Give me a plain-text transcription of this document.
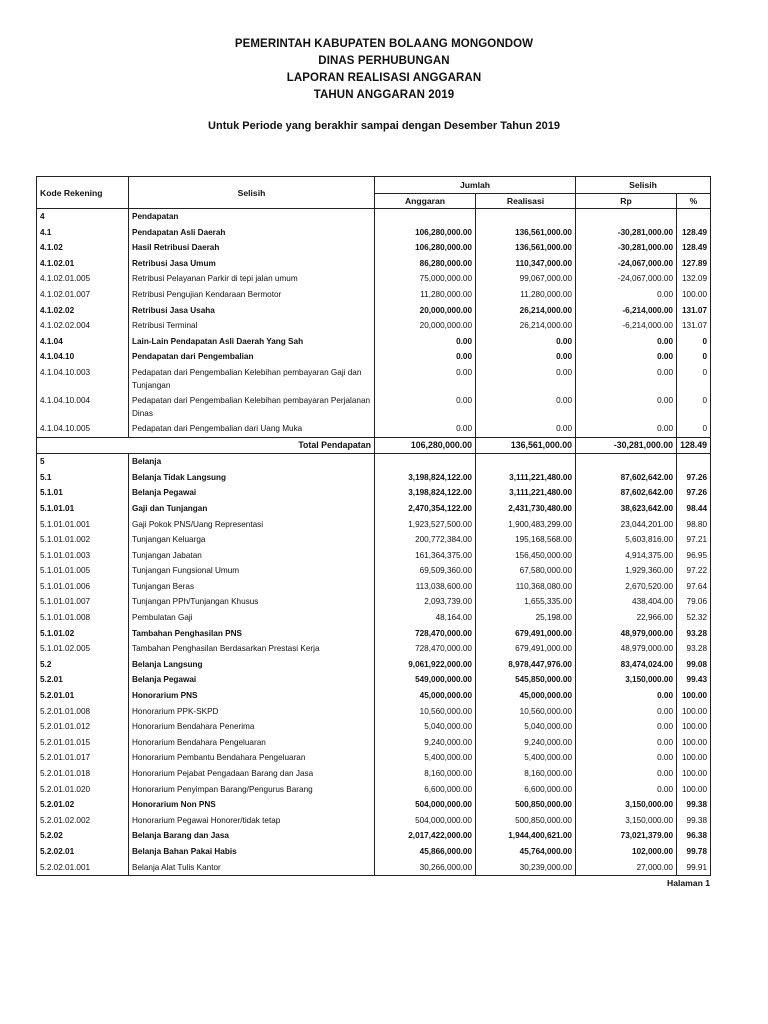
PEMERINTAH KABUPATEN BOLAANG MONGONDOW
DINAS PERHUBUNGAN
LAPORAN REALISASI ANGGARAN
TAHUN ANGGARAN 2019
Untuk Periode yang berakhir sampai dengan Desember Tahun 2019
Kode Rekening	Selisih	Jumlah		Selisih	
		Anggaran	Realisasi	Rp	%
4	Pendapatan				
4.1	Pendapatan Asli Daerah	106,280,000.00	136,561,000.00	-30,281,000.00	128.49
4.1.02	Hasil Retribusi Daerah	106,280,000.00	136,561,000.00	-30,281,000.00	128.49
4.1.02.01	Retribusi Jasa Umum	86,280,000.00	110,347,000.00	-24,067,000.00	127.89
4.1.02.01.005	Retribusi Pelayanan Parkir di tepi jalan umum	75,000,000.00	99,067,000.00	-24,067,000.00	132.09
4.1.02.01.007	Retribusi Pengujian Kendaraan Bermotor	11,280,000.00	11,280,000.00	0.00	100.00
4.1.02.02	Retribusi Jasa Usaha	20,000,000.00	26,214,000.00	-6,214,000.00	131.07
4.1.02.02.004	Retribusi Terminal	20,000,000.00	26,214,000.00	-6,214,000.00	131.07
4.1.04	Lain-Lain Pendapatan Asli Daerah Yang Sah	0.00	0.00	0.00	0
4.1.04.10	Pendapatan dari Pengembalian	0.00	0.00	0.00	0
4.1.04.10.003	Pedapatan dari Pengembalian Kelebihan pembayaran Gaji dan Tunjangan	0.00	0.00	0.00	0
4.1.04.10.004	Pedapatan dari Pengembalian Kelebihan pembayaran Perjalanan Dinas	0.00	0.00	0.00	0
4.1.04.10.005	Pedapatan dari Pengembalian dari Uang Muka	0.00	0.00	0.00	0
Total Pendapatan		106,280,000.00	136,561,000.00	-30,281,000.00	128.49
5	Belanja				
5.1	Belanja Tidak Langsung	3,198,824,122.00	3,111,221,480.00	87,602,642.00	97.26
5.1.01	Belanja Pegawai	3,198,824,122.00	3,111,221,480.00	87,602,642.00	97.26
5.1.01.01	Gaji dan Tunjangan	2,470,354,122.00	2,431,730,480.00	38,623,642.00	98.44
5.1.01.01.001	Gaji Pokok PNS/Uang Representasi	1,923,527,500.00	1,900,483,299.00	23,044,201.00	98.80
5.1.01.01.002	Tunjangan Keluarga	200,772,384.00	195,168,568.00	5,603,816.00	97.21
5.1.01.01.003	Tunjangan Jabatan	161,364,375.00	156,450,000.00	4,914,375.00	96.95
5.1.01.01.005	Tunjangan Fungsional Umum	69,509,360.00	67,580,000.00	1,929,360.00	97.22
5.1.01.01.006	Tunjangan Beras	113,038,600.00	110,368,080.00	2,670,520.00	97.64
5.1.01.01.007	Tunjangan PPh/Tunjangan Khusus	2,093,739.00	1,655,335.00	438,404.00	79.06
5.1.01.01.008	Pembulatan Gaji	48,164.00	25,198.00	22,966.00	52.32
5.1.01.02	Tambahan Penghasilan PNS	728,470,000.00	679,491,000.00	48,979,000.00	93.28
5.1.01.02.005	Tambahan Penghasilan Berdasarkan Prestasi Kerja	728,470,000.00	679,491,000.00	48,979,000.00	93.28
5.2	Belanja Langsung	9,061,922,000.00	8,978,447,976.00	83,474,024.00	99.08
5.2.01	Belanja Pegawai	549,000,000.00	545,850,000.00	3,150,000.00	99.43
5.2.01.01	Honorarium PNS	45,000,000.00	45,000,000.00	0.00	100.00
5.2.01.01.008	Honorarium PPK-SKPD	10,560,000.00	10,560,000.00	0.00	100.00
5.2.01.01.012	Honorarium Bendahara Penerima	5,040,000.00	5,040,000.00	0.00	100.00
5.2.01.01.015	Honorarium Bendahara Pengeluaran	9,240,000.00	9,240,000.00	0.00	100.00
5.2.01.01.017	Honorarium Pembantu Bendahara Pengeluaran	5,400,000.00	5,400,000.00	0.00	100.00
5.2.01.01.018	Honorarium Pejabat Pengadaan Barang dan Jasa	8,160,000.00	8,160,000.00	0.00	100.00
5.2.01.01.020	Honorarium Penyimpan Barang/Pengurus Barang	6,600,000.00	6,600,000.00	0.00	100.00
5.2.01.02	Honorarium Non PNS	504,000,000.00	500,850,000.00	3,150,000.00	99.38
5.2.01.02.002	Honorarium Pegawai Honorer/tidak tetap	504,000,000.00	500,850,000.00	3,150,000.00	99.38
5.2.02	Belanja Barang dan Jasa	2,017,422,000.00	1,944,400,621.00	73,021,379.00	96.38
5.2.02.01	Belanja Bahan Pakai Habis	45,866,000.00	45,764,000.00	102,000.00	99.78
5.2.02.01.001	Belanja Alat Tulis Kantor	30,266,000.00	30,239,000.00	27,000.00	99.91
Halaman 1
